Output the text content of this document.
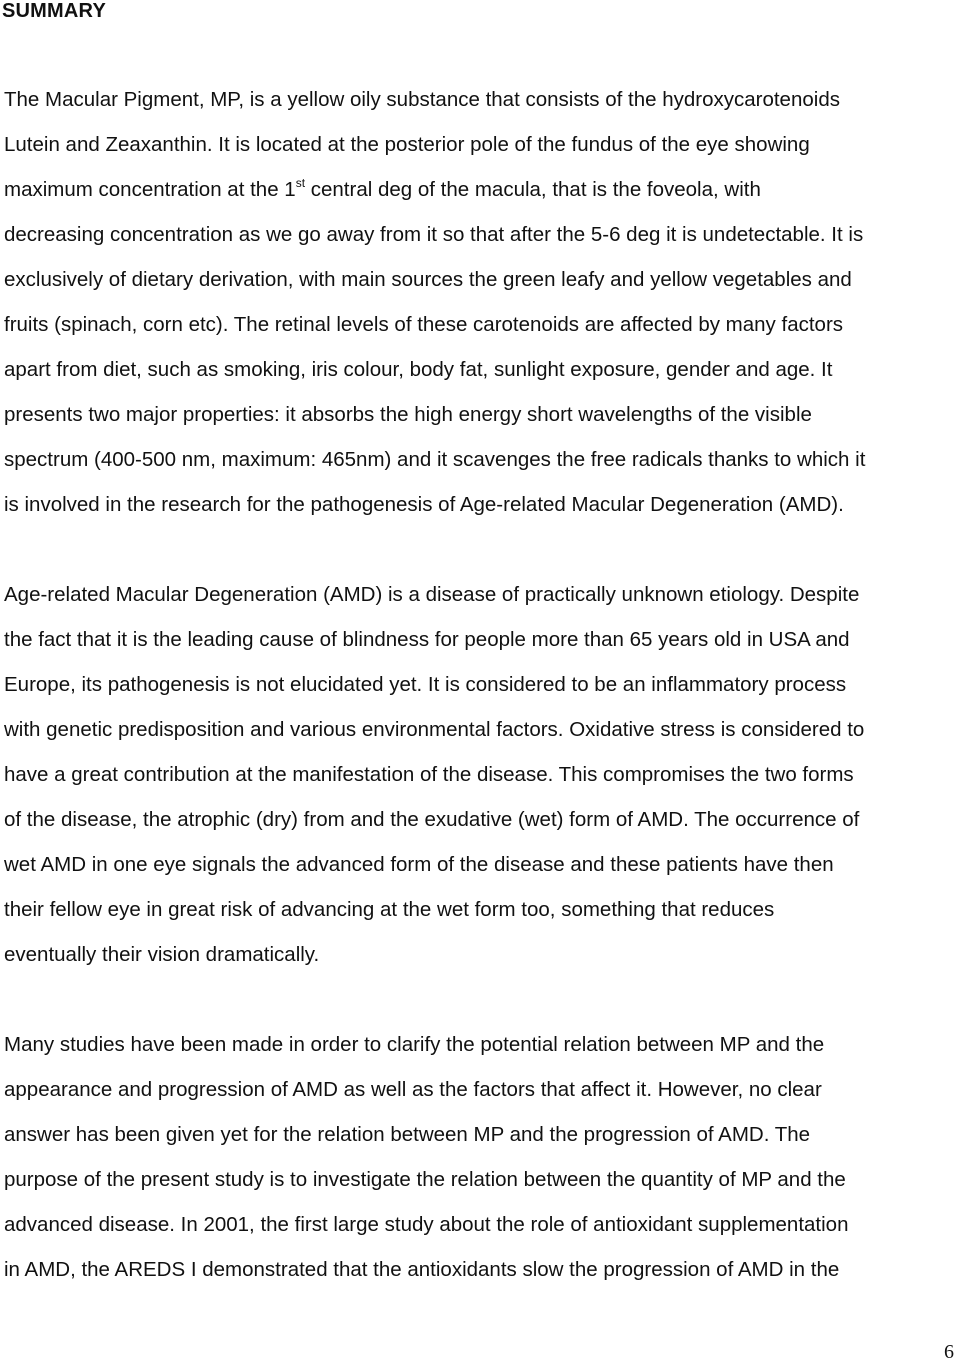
SUMMARY
The Macular Pigment, MP, is a yellow oily substance that consists of the hydroxycarotenoids
Lutein and Zeaxanthin. It is located at the posterior pole of the fundus of the eye showing
maximum concentration at the 1st central deg of the macula, that is the foveola, with
decreasing concentration as we go away from it so that after the 5-6 deg it is undetectable. It is
exclusively of dietary derivation, with main sources the green leafy and yellow vegetables and
fruits (spinach, corn etc). The retinal levels of these carotenoids are affected by many factors
apart from diet, such as smoking, iris colour, body fat, sunlight exposure, gender and age. It
presents two major properties: it absorbs the high energy short wavelengths of the visible
spectrum (400-500 nm, maximum: 465nm) and it scavenges the free radicals thanks to which it
is involved in the research for the pathogenesis of Age-related Macular Degeneration (AMD).
Age-related Macular Degeneration (AMD) is a disease of practically unknown etiology. Despite
the fact that it is the leading cause of blindness for people more than 65 years old in USA and
Europe, its pathogenesis is not elucidated yet. It is considered to be an inflammatory process
with genetic predisposition and various environmental factors. Oxidative stress is considered to
have a great contribution at the manifestation of the disease. This compromises the two forms
of the disease, the atrophic (dry) from and the exudative (wet) form of AMD. The occurrence of
wet AMD in one eye signals the advanced form of the disease and these patients have then
their fellow eye in great risk of advancing at the wet form too, something that reduces
eventually their vision dramatically.
Many studies have been made in order to clarify the potential relation between MP and the
appearance and progression of AMD as well as the factors that affect it. However, no clear
answer has been given yet for the relation between MP and the progression of AMD. The
purpose of the present study is to investigate the relation between the quantity of MP and the
advanced disease. In 2001, the first large study about the role of antioxidant supplementation
in AMD, the AREDS I demonstrated that the antioxidants slow the progression of AMD in the
6
